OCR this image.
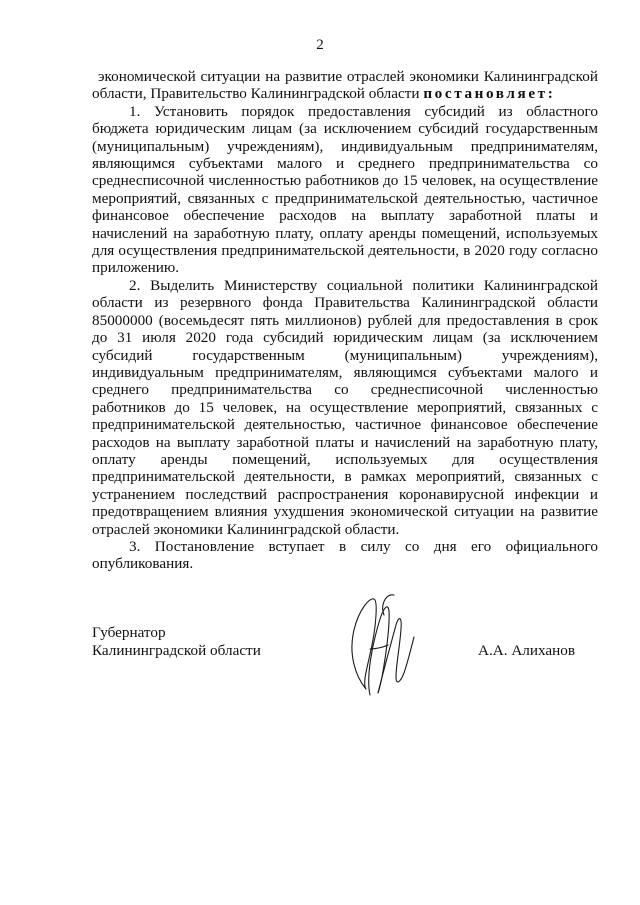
2

экономической ситуации на развитие отраслей экономики Калининградской области, Правительство Калининградской области постановляет:

1. Установить порядок предоставления субсидий из областного бюджета юридическим лицам (за исключением субсидий государственным (муниципальным) учреждениям), индивидуальным предпринимателям, являющимся субъектами малого и среднего предпринимательства со среднесписочной численностью работников до 15 человек, на осуществление мероприятий, связанных с предпринимательской деятельностью, частичное финансовое обеспечение расходов на выплату заработной платы и начислений на заработную плату, оплату аренды помещений, используемых для осуществления предпринимательской деятельности, в 2020 году согласно приложению.

2. Выделить Министерству социальной политики Калининградской области из резервного фонда Правительства Калининградской области 85000000 (восемьдесят пять миллионов) рублей для предоставления в срок до 31 июля 2020 года субсидий юридическим лицам (за исключением субсидий государственным (муниципальным) учреждениям), индивидуальным предпринимателям, являющимся субъектами малого и среднего предпринимательства со среднесписочной численностью работников до 15 человек, на осуществление мероприятий, связанных с предпринимательской деятельностью, частичное финансовое обеспечение расходов на выплату заработной платы и начислений на заработную плату, оплату аренды помещений, используемых для осуществления предпринимательской деятельности, в рамках мероприятий, связанных с устранением последствий распространения коронавирусной инфекции и предотвращением влияния ухудшения экономической ситуации на развитие отраслей экономики Калининградской области.

3. Постановление вступает в силу со дня его официального опубликования.

Губернатор
Калининградской области	А.А. Алиханов
